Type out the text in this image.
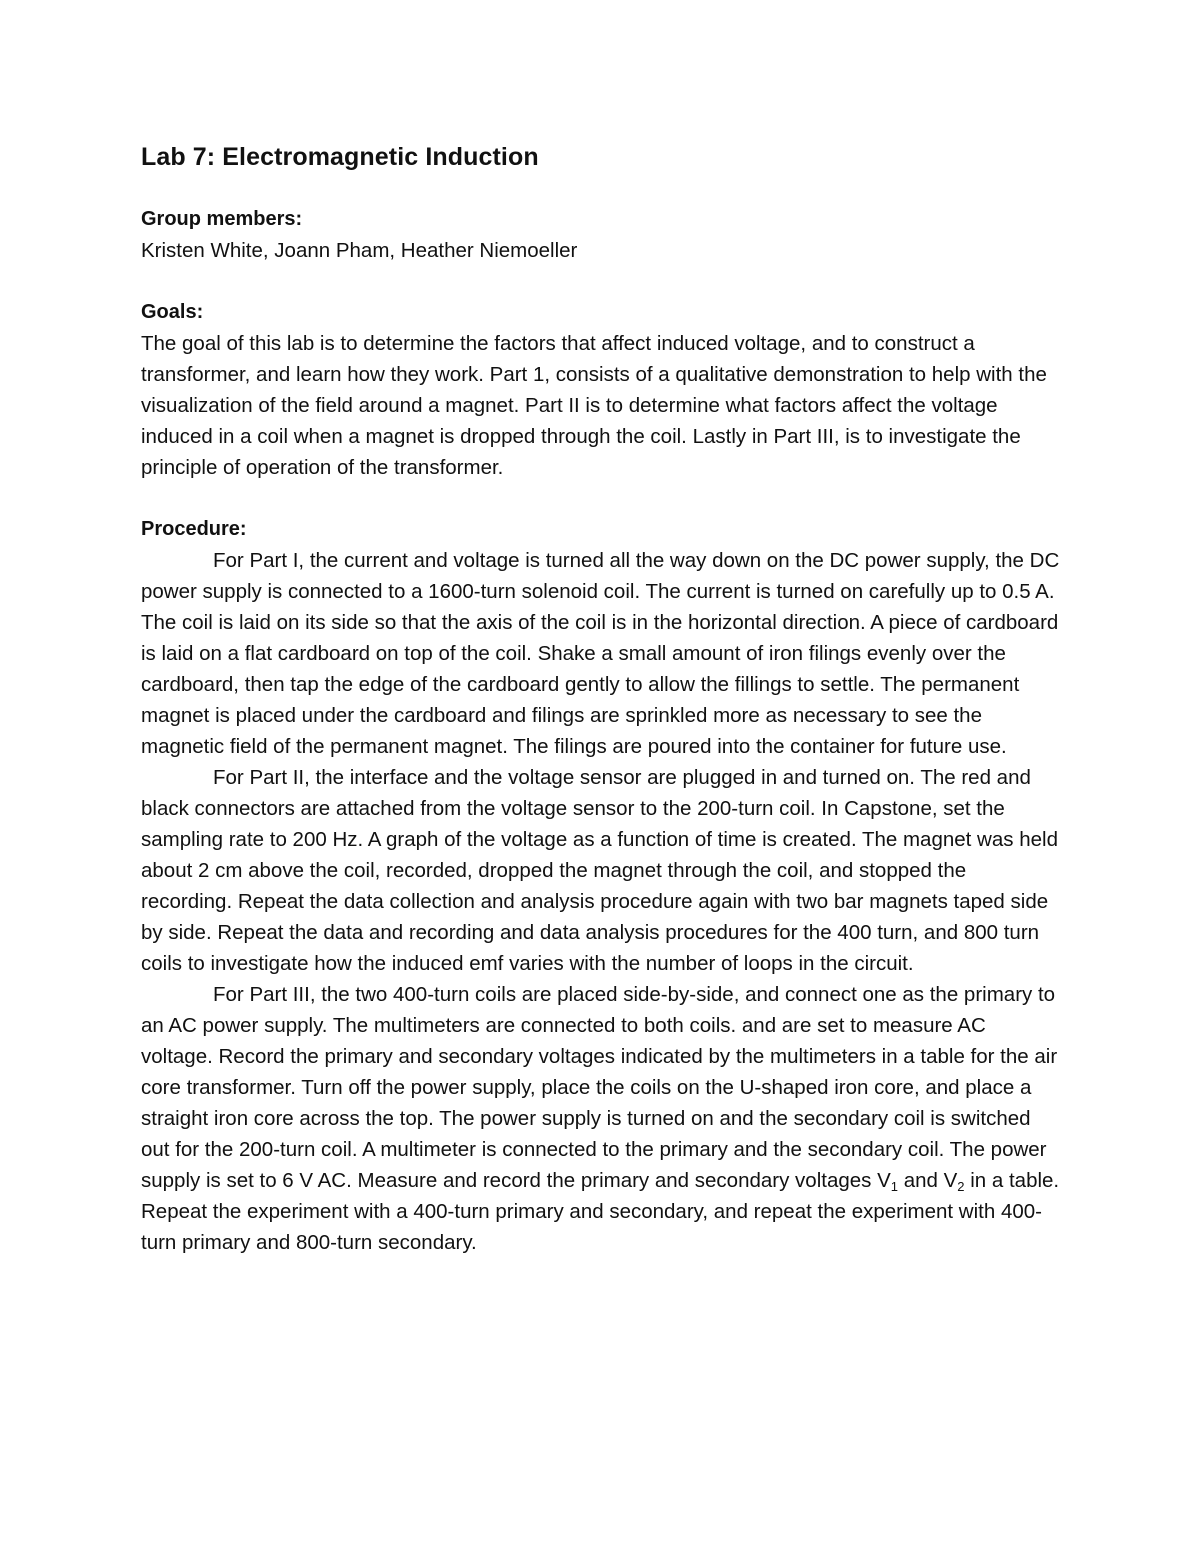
Lab 7: Electromagnetic Induction
Group members:

Kristen White, Joann Pham, Heather Niemoeller

Goals:

The goal of this lab is to determine the factors that affect induced voltage, and to construct a transformer, and learn how they work. Part 1, consists of a qualitative demonstration to help with the visualization of the field around a magnet. Part II is to determine what factors affect the voltage induced in a coil when a magnet is dropped through the coil. Lastly in Part III, is to investigate the principle of operation of the transformer.

Procedure:

For Part I, the current and voltage is turned all the way down on the DC power supply, the DC power supply is connected to a 1600-turn solenoid coil. The current is turned on carefully up to 0.5 A. The coil is laid on its side so that the axis of the coil is in the horizontal direction. A piece of cardboard is laid on a flat cardboard on top of the coil. Shake a small amount of iron filings evenly over the cardboard, then tap the edge of the cardboard gently to allow the fillings to settle. The permanent magnet is placed under the cardboard and filings are sprinkled more as necessary to see the magnetic field of the permanent magnet. The filings are poured into the container for future use.

For Part II, the interface and the voltage sensor are plugged in and turned on. The red and black connectors are attached from the voltage sensor to the 200-turn coil. In Capstone, set the sampling rate to 200 Hz. A graph of the voltage as a function of time is created. The magnet was held about 2 cm above the coil, recorded, dropped the magnet through the coil, and stopped the recording. Repeat the data collection and analysis procedure again with two bar magnets taped side by side. Repeat the data and recording and data analysis procedures for the 400 turn, and 800 turn coils to investigate how the induced emf varies with the number of loops in the circuit.

For Part III, the two 400-turn coils are placed side-by-side, and connect one as the primary to an AC power supply. The multimeters are connected to both coils. and are set to measure AC voltage. Record the primary and secondary voltages indicated by the multimeters in a table for the air core transformer. Turn off the power supply, place the coils on the U-shaped iron core, and place a straight iron core across the top. The power supply is turned on and the secondary coil is switched out for the 200-turn coil. A multimeter is connected to the primary and the secondary coil. The power supply is set to 6 V AC. Measure and record the primary and secondary voltages $V_1$ and $V_2$ in a table. Repeat the experiment with a 400-turn primary and secondary, and repeat the experiment with 400-turn primary and 800-turn secondary.
